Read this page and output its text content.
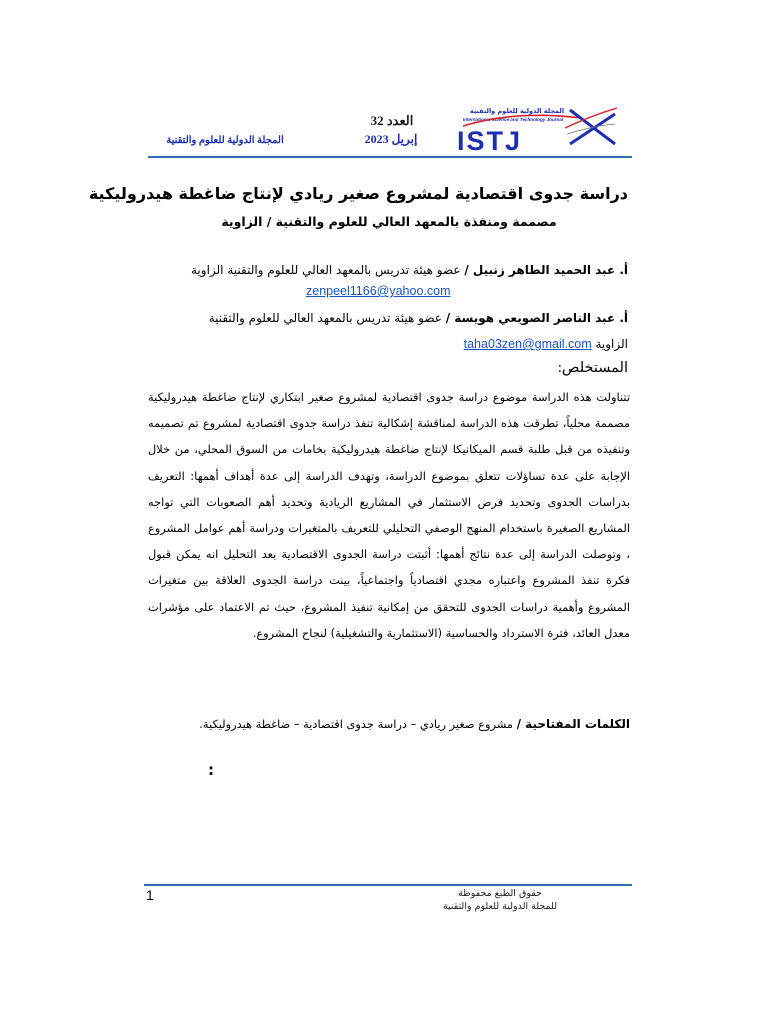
المجلة الدولية للعلوم والتقنية
International Science and Technology Journal
ISTJ
العدد 32
إبريل 2023
المجلة الدولية للعلوم والتقنية
دراسة جدوى اقتصادية لمشروع صغير ريادي لإنتاج ضاغطة هيدروليكية
مصممة ومنفذة بالمعهد العالي للعلوم والتقنية / الزاوية
أ. عبد الحميد الطاهر زنبيل / عضو هيئة تدريس بالمعهد العالي للعلوم والتقنية الزاوية
zenpeel1166@yahoo.com
أ. عبد الناصر الصويعي هويسة / عضو هيئة تدريس بالمعهد العالي للعلوم والتقنية
الزاوية taha03zen@gmail.com
المستخلص:
تتناولت هذه الدراسة موضوع دراسة جدوى اقتصادية لمشروع صغير ابتكاري لإنتاج ضاغطة هيدروليكية مصممة محلياً، تطرقت هذه الدراسة لمناقشة إشكالية تنفذ دراسة جدوى اقتصادية لمشروع تم تصميمه وتنفيذه من قبل طلبة قسم الميكانيكا لإنتاج ضاغطة هيدروليكية بخامات من السوق المحلي، من خلال الإجابة على عدة تساؤلات تتعلق بموضوع الدراسة، وتهدف الدراسة إلى عدة أهداف أهمها: التعريف بدراسات الجدوى وتحديد فرص الاستثمار في المشاريع الريادية وتحديد أهم الصعوبات التي تواجه المشاريع الصغيرة باستخدام المنهج الوصفي التحليلي للتعريف بالمتغيرات ودراسة أهم عوامل المشروع ، وتوصلت الدراسة إلى عدة نتائج أهمها: أثبتت دراسة الجدوى الاقتصادية بعد التحليل انه يمكن قبول فكرة تنفذ المشروع واعتباره مجدي اقتصادياً واجتماعياً، بينت دراسة الجدوى العلاقة بين متغيرات المشروع وأهمية دراسات الجدوى للتحقق من إمكانية تنفيذ المشروع، حيث تم الاعتماد على مؤشرات معدل العائد، فترة الاسترداد والحساسية (الاستثمارية والتشغيلية) لنجاح المشروع.
الكلمات المفتاحية / مشروع صغير ريادي – دراسة جدوى اقتصادية – ضاغطة هيدروليكية.
:
1	حقوق الطبع محفوظة
للمجلة الدولية للعلوم والتقنية
